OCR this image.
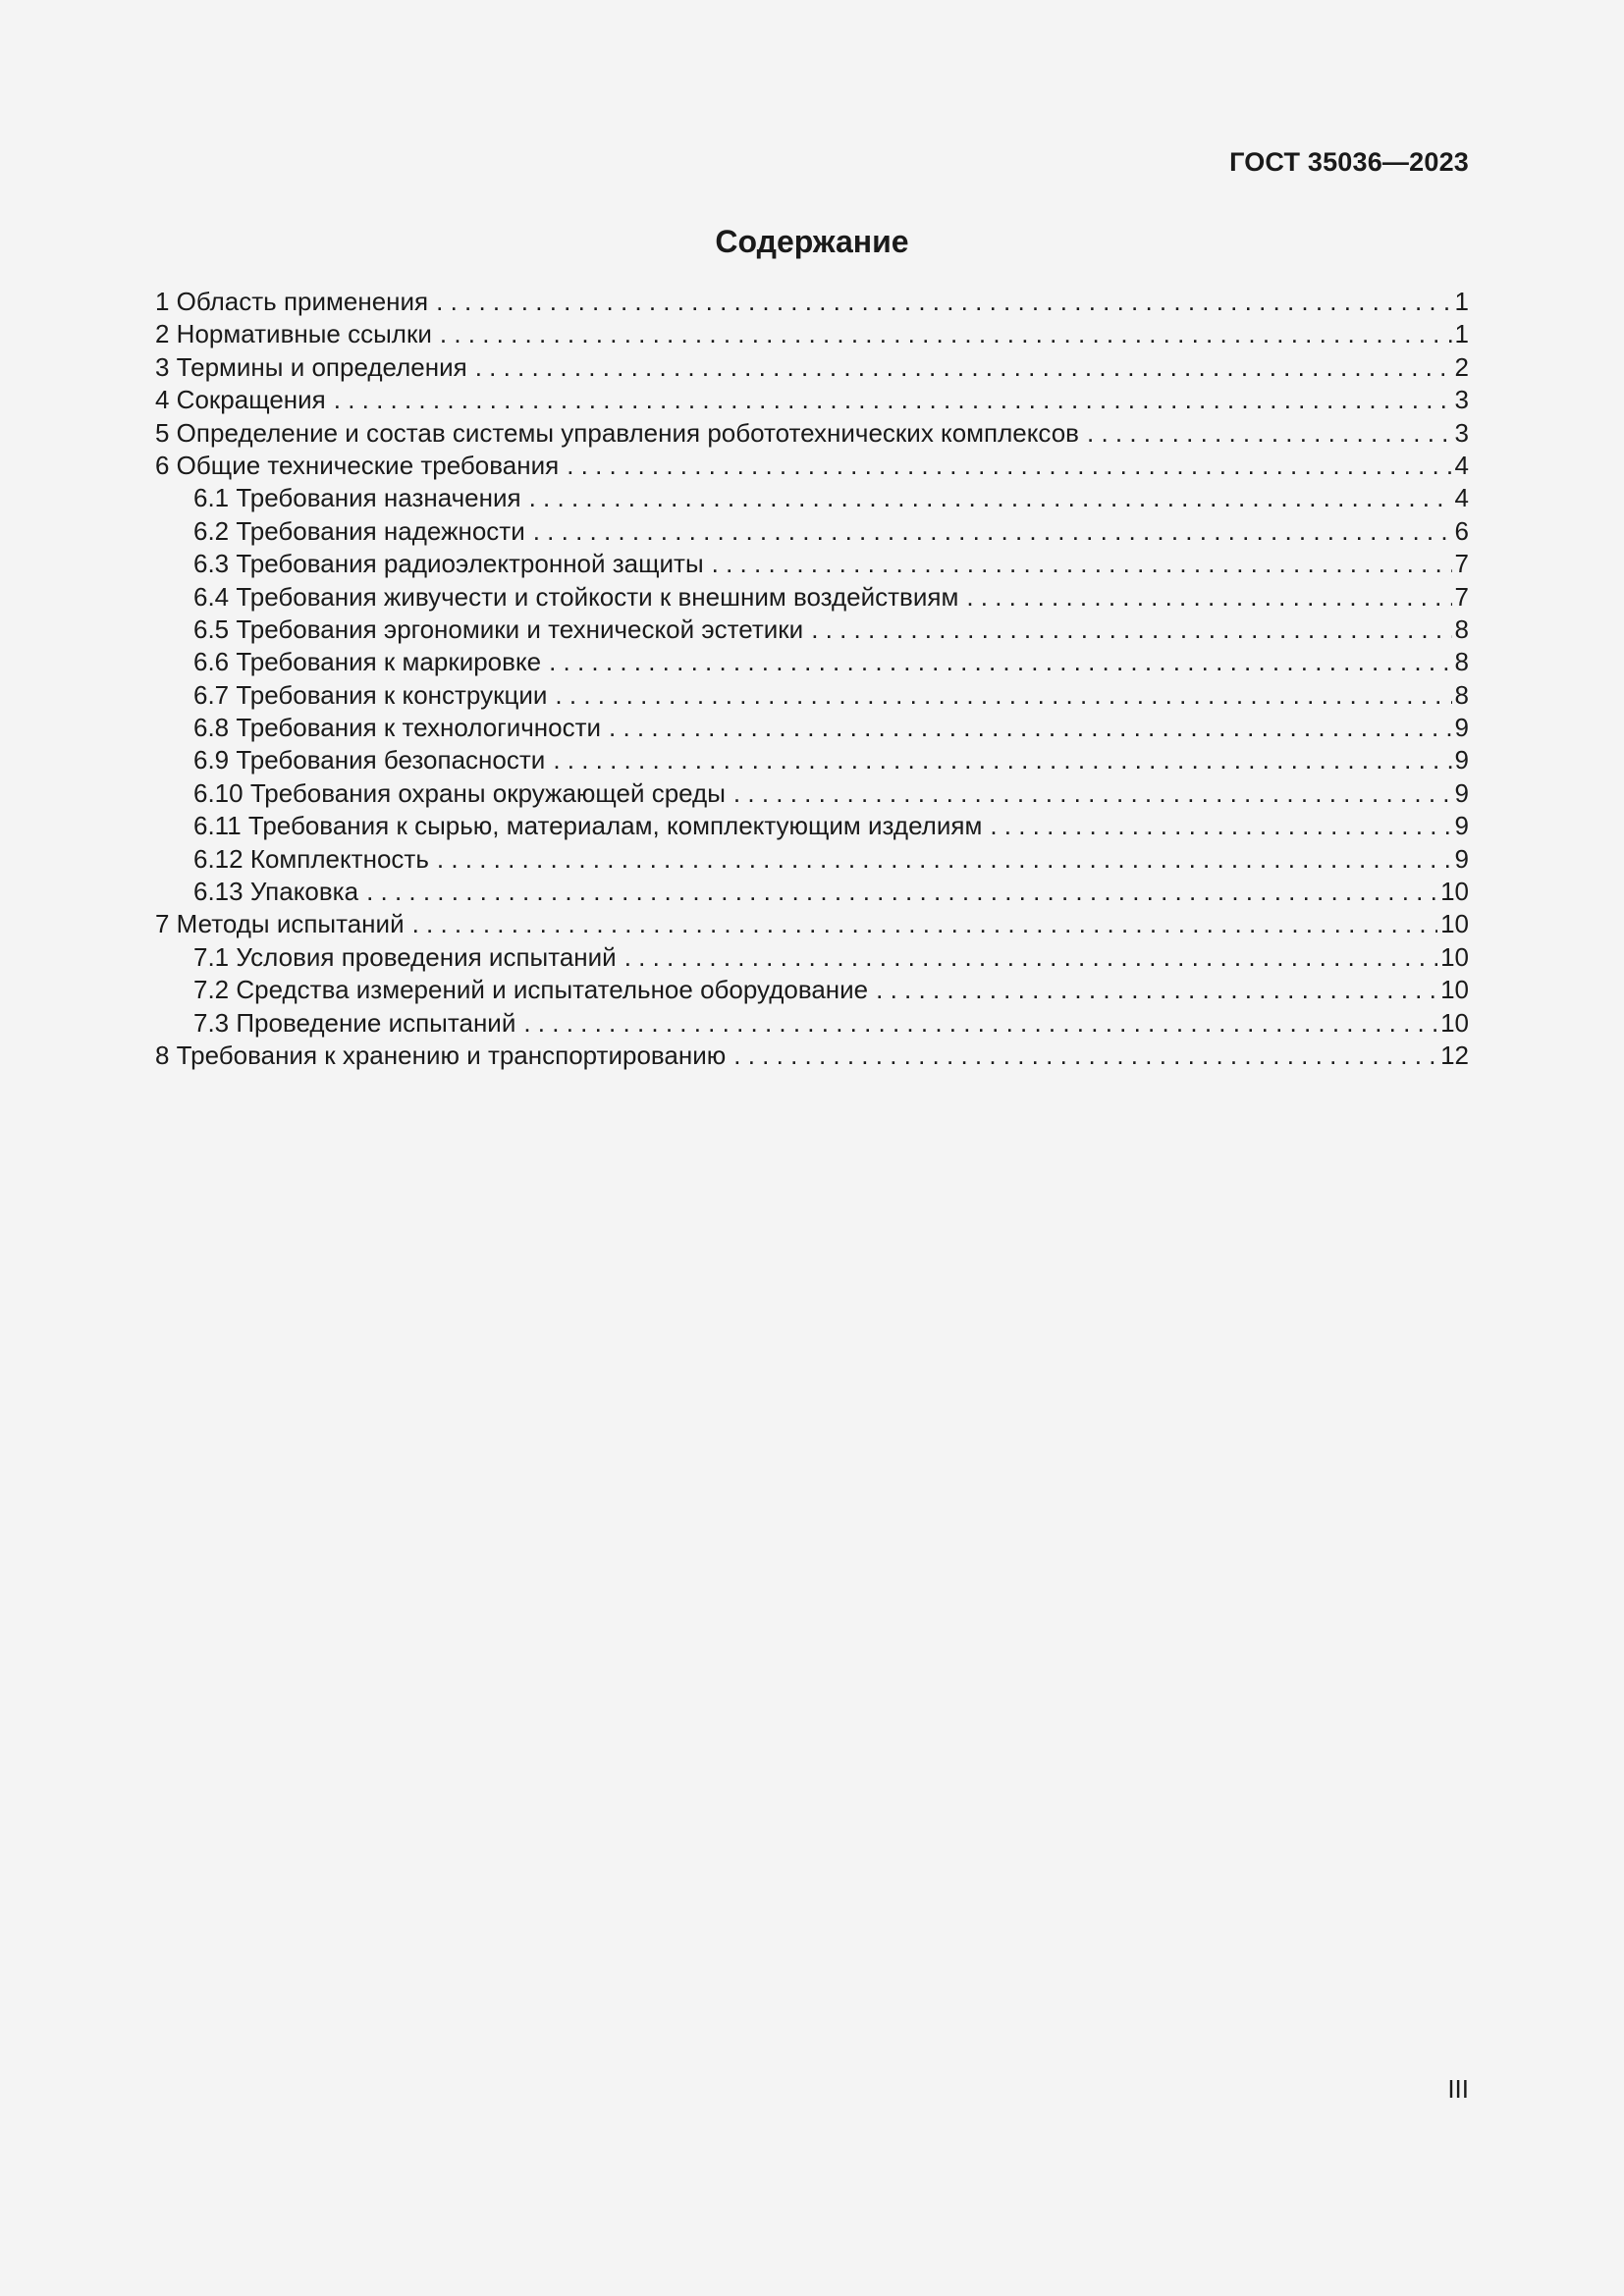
ГОСТ 35036—2023
Содержание
1 Область применения . . .	1
2 Нормативные ссылки . . .	1
3 Термины и определения . . .	2
4 Сокращения . . .	3
5 Определение и состав системы управления робототехнических комплексов . . .	3
6 Общие технические требования . . .	4
6.1 Требования назначения . . .	4
6.2 Требования надежности . . .	6
6.3 Требования радиоэлектронной защиты . . .	7
6.4 Требования живучести и стойкости к внешним воздействиям . . .	7
6.5 Требования эргономики и технической эстетики . . .	8
6.6 Требования к маркировке . . .	8
6.7 Требования к конструкции . . .	8
6.8 Требования к технологичности . . .	9
6.9 Требования безопасности . . .	9
6.10 Требования охраны окружающей среды . . .	9
6.11 Требования к сырью, материалам, комплектующим изделиям . . .	9
6.12 Комплектность . . .	9
6.13 Упаковка . . .	10
7 Методы испытаний . . .	10
7.1 Условия проведения испытаний . . .	10
7.2 Средства измерений и испытательное оборудование . . .	10
7.3 Проведение испытаний . . .	10
8 Требования к хранению и транспортированию . . .	12
III
